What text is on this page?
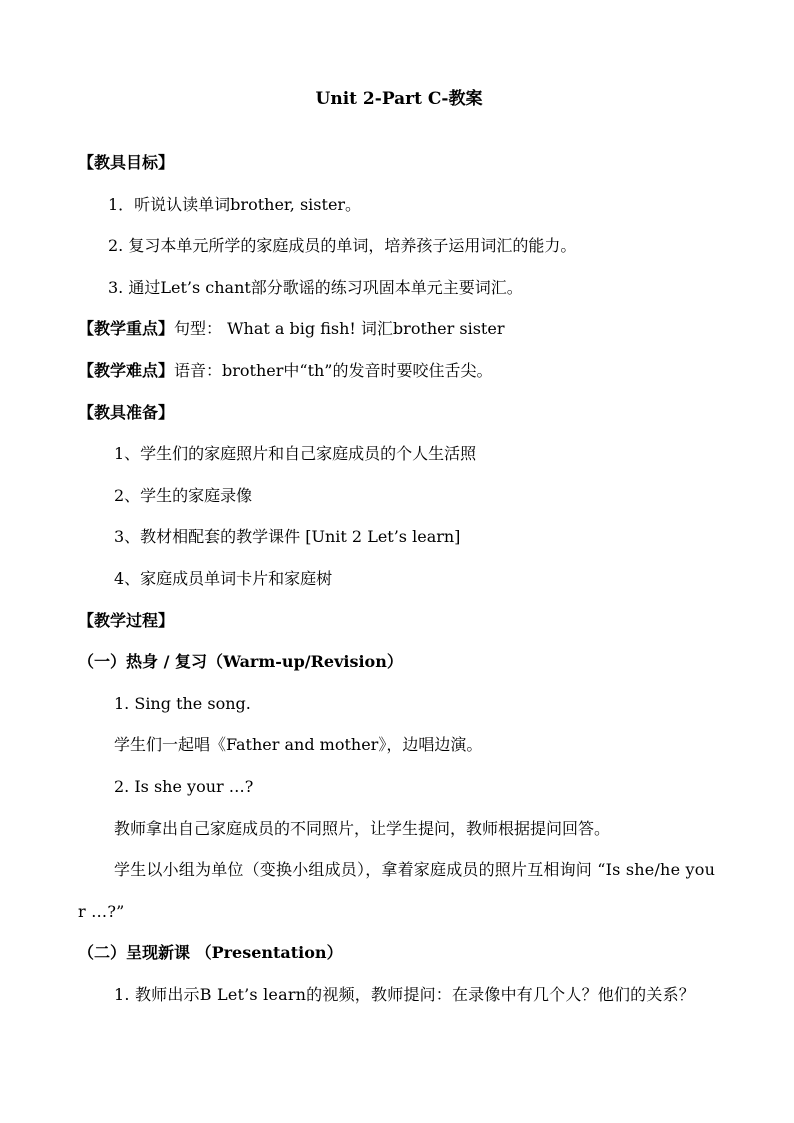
Unit 2-Part C-教案
【教具目标】
1．听说认读单词brother, sister。
2. 复习本单元所学的家庭成员的单词，培养孩子运用词汇的能力。
3. 通过Let’s chant部分歌谣的练习巩固本单元主要词汇。
【教学重点】句型： What a big fish! 词汇brother sister
【教学难点】语音：brother中“th”的发音时要咬住舌尖。
【教具准备】
1、学生们的家庭照片和自己家庭成员的个人生活照
2、学生的家庭录像
3、教材相配套的教学课件 [Unit 2 Let’s learn]
4、家庭成员单词卡片和家庭树
【教学过程】
（一）热身 / 复习（Warm-up/Revision）
1. Sing the song.
学生们一起唱《Father and mother》，边唱边演。
2. Is she your …?
教师拿出自己家庭成员的不同照片，让学生提问，教师根据提问回答。
学生以小组为单位（变换小组成员），拿着家庭成员的照片互相询问 “Is she/he your …?”
（二）呈现新课 （Presentation）
1. 教师出示B Let’s learn的视频，教师提问：在录像中有几个人？他们的关系？
